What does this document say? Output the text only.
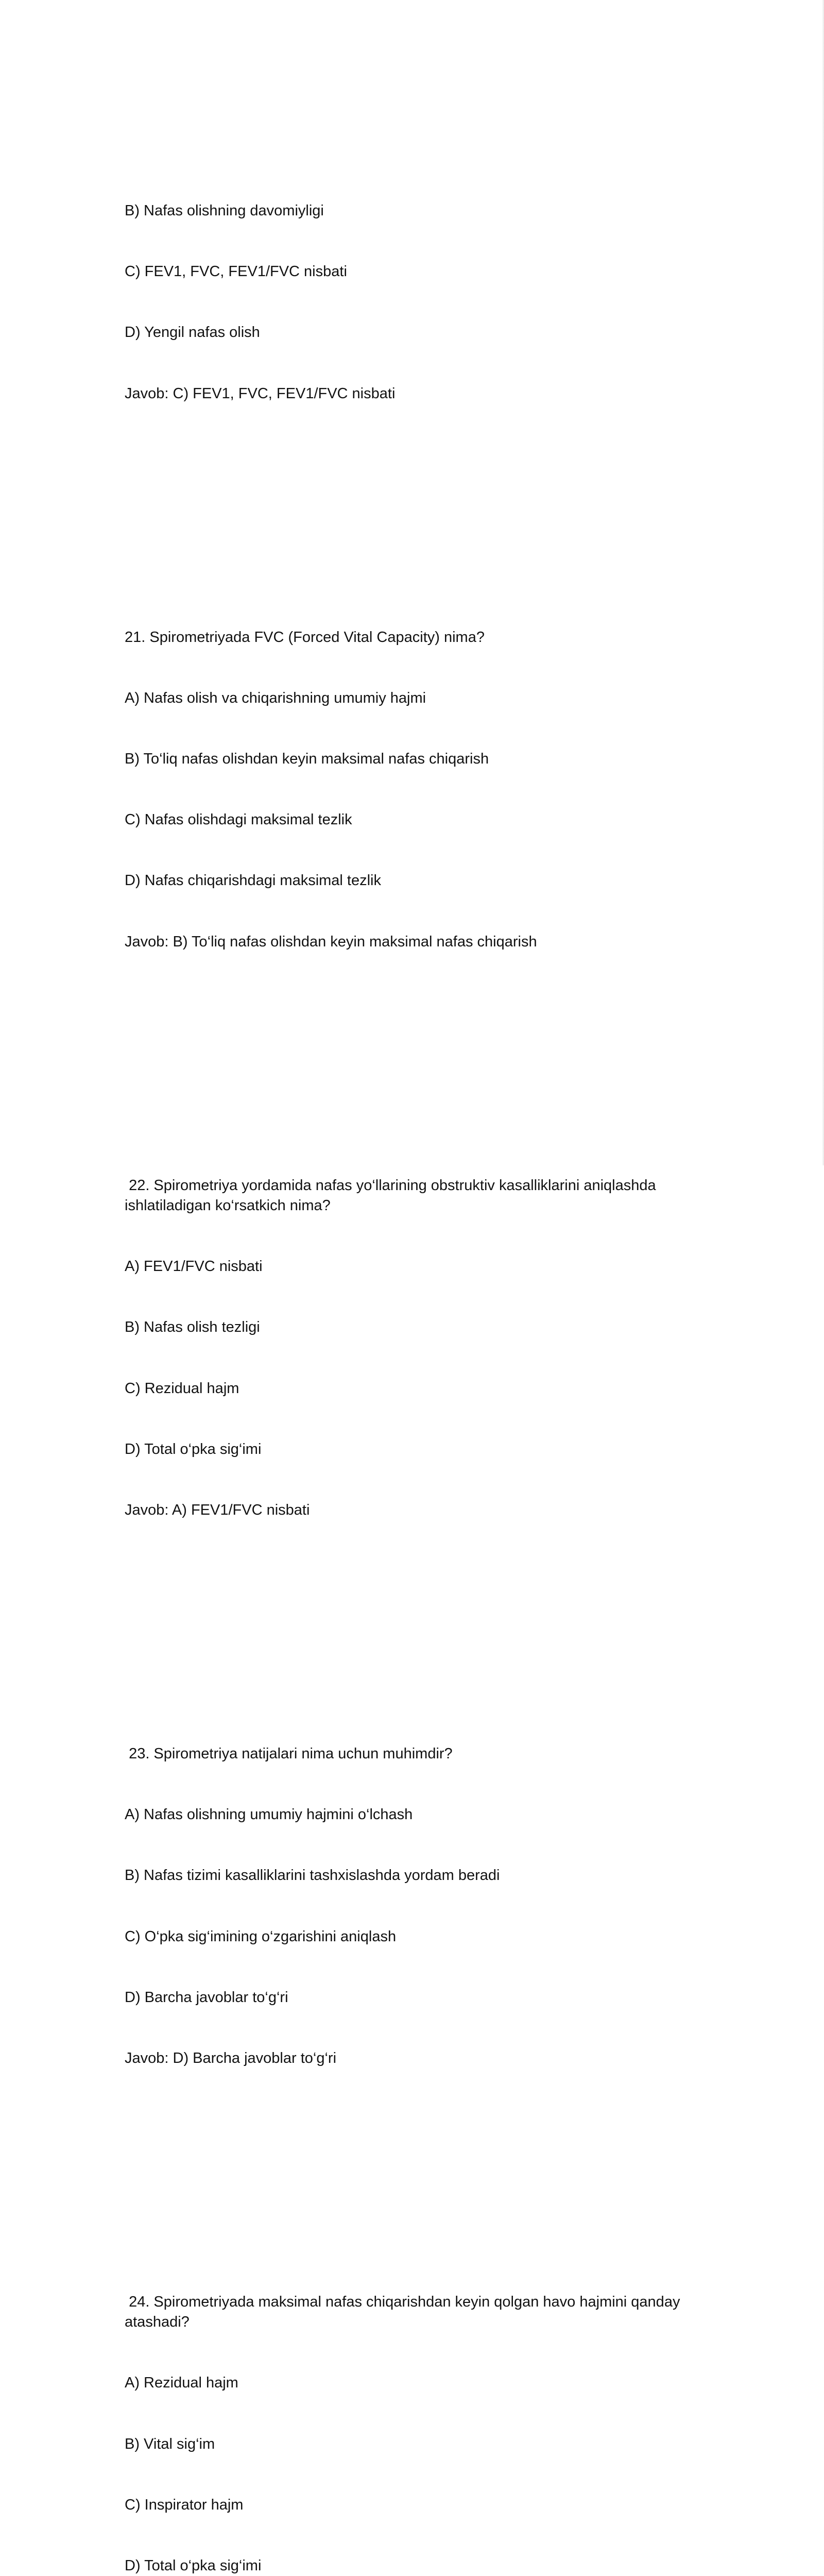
B) Nafas olishning davomiyligi

C) FEV1, FVC, FEV1/FVC nisbati

D) Yengil nafas olish

Javob: C) FEV1, FVC, FEV1/FVC nisbati

21. Spirometriyada FVC (Forced Vital Capacity) nima?

A) Nafas olish va chiqarishning umumiy hajmi

B) To‘liq nafas olishdan keyin maksimal nafas chiqarish

C) Nafas olishdagi maksimal tezlik

D) Nafas chiqarishdagi maksimal tezlik

Javob: B) To‘liq nafas olishdan keyin maksimal nafas chiqarish

22. Spirometriya yordamida nafas yo‘llarining obstruktiv kasalliklarini aniqlashda ishlatiladigan ko‘rsatkich nima?

A) FEV1/FVC nisbati

B) Nafas olish tezligi

C) Rezidual hajm

D) Total o‘pka sig‘imi

Javob: A) FEV1/FVC nisbati

23. Spirometriya natijalari nima uchun muhimdir?

A) Nafas olishning umumiy hajmini o‘lchash

B) Nafas tizimi kasalliklarini tashxislashda yordam beradi

C) O‘pka sig‘imining o‘zgarishini aniqlash

D) Barcha javoblar to‘g‘ri

Javob: D) Barcha javoblar to‘g‘ri

24. Spirometriyada maksimal nafas chiqarishdan keyin qolgan havo hajmini qanday atashadi?

A) Rezidual hajm

B) Vital sig‘im

C) Inspirator hajm

D) Total o‘pka sig‘imi
